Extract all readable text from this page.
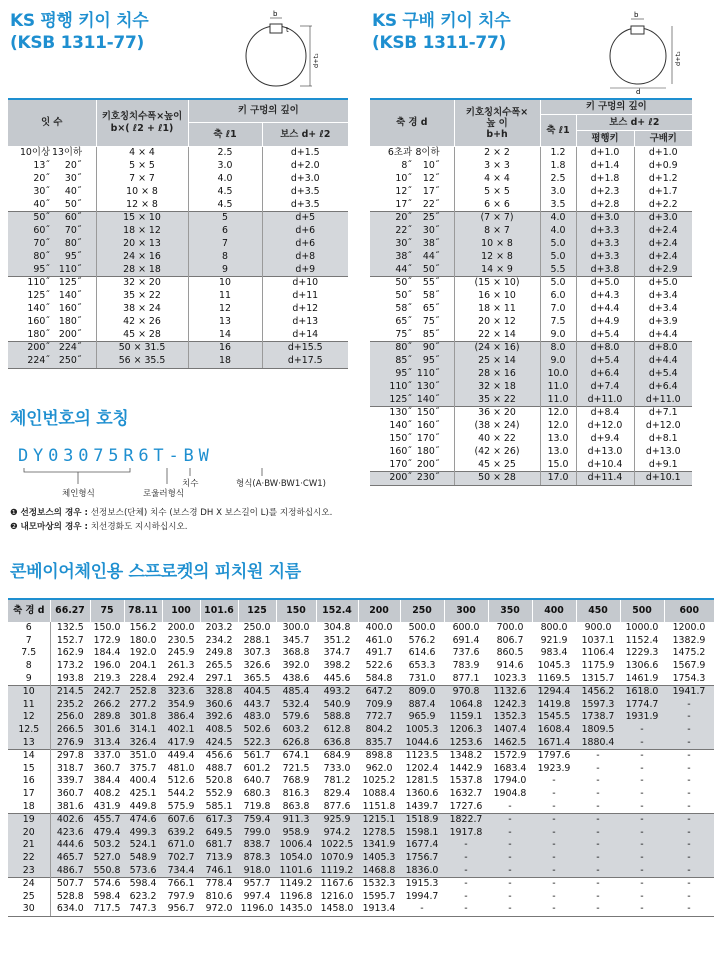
KS 평행 키이 치수
(KSB 1311-77)
KS 구배 키이 치수
(KSB 1311-77)
b
t
d+t₂
b
d
d+t₂
잇 수		키호칭치수폭×높이
b×( ℓ2 + ℓ1)	키 구멍의 깊이	
			축 ℓ1	보스 d+ ℓ2
10이상	13이하	4 × 4	2.5	d+1.5
13˝	20˝	5 × 5	3.0	d+2.0
20˝	30˝	7 × 7	4.0	d+3.0
30˝	40˝	10 × 8	4.5	d+3.5
40˝	50˝	12 × 8	4.5	d+3.5
50˝	60˝	15 × 10	5	d+5
60˝	70˝	18 × 12	6	d+6
70˝	80˝	20 × 13	7	d+6
80˝	95˝	24 × 16	8	d+8
95˝	110˝	28 × 18	9	d+9
110˝	125˝	32 × 20	10	d+10
125˝	140˝	35 × 22	11	d+11
140˝	160˝	38 × 24	12	d+12
160˝	180˝	42 × 26	13	d+13
180˝	200˝	45 × 28	14	d+14
200˝	224˝	50 × 31.5	16	d+15.5
224˝	250˝	56 × 35.5	18	d+17.5
축 경 d		키호칭치수폭×
높 이
b+h	키 구멍의 깊이		
			축 ℓ1	보스 d+ ℓ2	
				평행키	구배키
6초과	8이하	2 × 2	1.2	d+1.0	d+1.0
8˝	10˝	3 × 3	1.8	d+1.4	d+0.9
10˝	12˝	4 × 4	2.5	d+1.8	d+1.2
12˝	17˝	5 × 5	3.0	d+2.3	d+1.7
17˝	22˝	6 × 6	3.5	d+2.8	d+2.2
20˝	25˝	(7 × 7)	4.0	d+3.0	d+3.0
22˝	30˝	8 × 7	4.0	d+3.3	d+2.4
30˝	38˝	10 × 8	5.0	d+3.3	d+2.4
38˝	44˝	12 × 8	5.0	d+3.3	d+2.4
44˝	50˝	14 × 9	5.5	d+3.8	d+2.9
50˝	55˝	(15 × 10)	5.0	d+5.0	d+5.0
50˝	58˝	16 × 10	6.0	d+4.3	d+3.4
58˝	65˝	18 × 11	7.0	d+4.4	d+3.4
65˝	75˝	20 × 12	7.5	d+4.9	d+3.9
75˝	85˝	22 × 14	9.0	d+5.4	d+4.4
80˝	90˝	(24 × 16)	8.0	d+8.0	d+8.0
85˝	95˝	25 × 14	9.0	d+5.4	d+4.4
95˝	110˝	28 × 16	10.0	d+6.4	d+5.4
110˝	130˝	32 × 18	11.0	d+7.4	d+6.4
125˝	140˝	35 × 22	11.0	d+11.0	d+11.0
130˝	150˝	36 × 20	12.0	d+8.4	d+7.1
140˝	160˝	(38 × 24)	12.0	d+12.0	d+12.0
150˝	170˝	40 × 22	13.0	d+9.4	d+8.1
160˝	180˝	(42 × 26)	13.0	d+13.0	d+13.0
170˝	200˝	45 × 25	15.0	d+10.4	d+9.1
200˝	230˝	50 × 28	17.0	d+11.4	d+10.1
체인번호의 호칭
DY03075R6T-BW
체인형식	로울러형식
치수	형식(A·BW·BW1·CW1)
❶ 선정보스의 경우 : 선정보스(단체) 치수 (보스경 DH X 보스길이 L)를 지정하십시오.
❷ 내모마상의 경우 : 치선경화도 지시하십시오.
콘베이어체인용 스프로켓의 피치원 지름
축 경 d	66.27	75	78.11	100	101.6	125	150	152.4	200	250	300	350	400	450	500	600
6	132.5	150.0	156.2	200.0	203.2	250.0	300.0	304.8	400.0	500.0	600.0	700.0	800.0	900.0	1000.0	1200.0
7	152.7	172.9	180.0	230.5	234.2	288.1	345.7	351.2	461.0	576.2	691.4	806.7	921.9	1037.1	1152.4	1382.9
7.5	162.9	184.4	192.0	245.9	249.8	307.3	368.8	374.7	491.7	614.6	737.6	860.5	983.4	1106.4	1229.3	1475.2
8	173.2	196.0	204.1	261.3	265.5	326.6	392.0	398.2	522.6	653.3	783.9	914.6	1045.3	1175.9	1306.6	1567.9
9	193.8	219.3	228.4	292.4	297.1	365.5	438.6	445.6	584.8	731.0	877.1	1023.3	1169.5	1315.7	1461.9	1754.3
10	214.5	242.7	252.8	323.6	328.8	404.5	485.4	493.2	647.2	809.0	970.8	1132.6	1294.4	1456.2	1618.0	1941.7
11	235.2	266.2	277.2	354.9	360.6	443.7	532.4	540.9	709.9	887.4	1064.8	1242.3	1419.8	1597.3	1774.7	-
12	256.0	289.8	301.8	386.4	392.6	483.0	579.6	588.8	772.7	965.9	1159.1	1352.3	1545.5	1738.7	1931.9	-
12.5	266.5	301.6	314.1	402.1	408.5	502.6	603.2	612.8	804.2	1005.3	1206.3	1407.4	1608.4	1809.5	-	-
13	276.9	313.4	326.4	417.9	424.5	522.3	626.8	636.8	835.7	1044.6	1253.6	1462.5	1671.4	1880.4	-	-
14	297.8	337.0	351.0	449.4	456.6	561.7	674.1	684.9	898.8	1123.5	1348.2	1572.9	1797.6	-	-	-
15	318.7	360.7	375.7	481.0	488.7	601.2	721.5	733.0	962.0	1202.4	1442.9	1683.4	1923.9	-	-	-
16	339.7	384.4	400.4	512.6	520.8	640.7	768.9	781.2	1025.2	1281.5	1537.8	1794.0	-	-	-	-
17	360.7	408.2	425.1	544.2	552.9	680.3	816.3	829.4	1088.4	1360.6	1632.7	1904.8	-	-	-	-
18	381.6	431.9	449.8	575.9	585.1	719.8	863.8	877.6	1151.8	1439.7	1727.6	-	-	-	-	-
19	402.6	455.7	474.6	607.6	617.3	759.4	911.3	925.9	1215.1	1518.9	1822.7	-	-	-	-	-
20	423.6	479.4	499.3	639.2	649.5	799.0	958.9	974.2	1278.5	1598.1	1917.8	-	-	-	-	-
21	444.6	503.2	524.1	671.0	681.7	838.7	1006.4	1022.5	1341.9	1677.4	-	-	-	-	-	-
22	465.7	527.0	548.9	702.7	713.9	878.3	1054.0	1070.9	1405.3	1756.7	-	-	-	-	-	-
23	486.7	550.8	573.6	734.4	746.1	918.0	1101.6	1119.2	1468.8	1836.0	-	-	-	-	-	-
24	507.7	574.6	598.4	766.1	778.4	957.7	1149.2	1167.6	1532.3	1915.3	-	-	-	-	-	-
25	528.8	598.4	623.2	797.9	810.6	997.4	1196.8	1216.0	1595.7	1994.7	-	-	-	-	-	-
30	634.0	717.5	747.3	956.7	972.0	1196.0	1435.0	1458.0	1913.4	-	-	-	-	-	-	-
